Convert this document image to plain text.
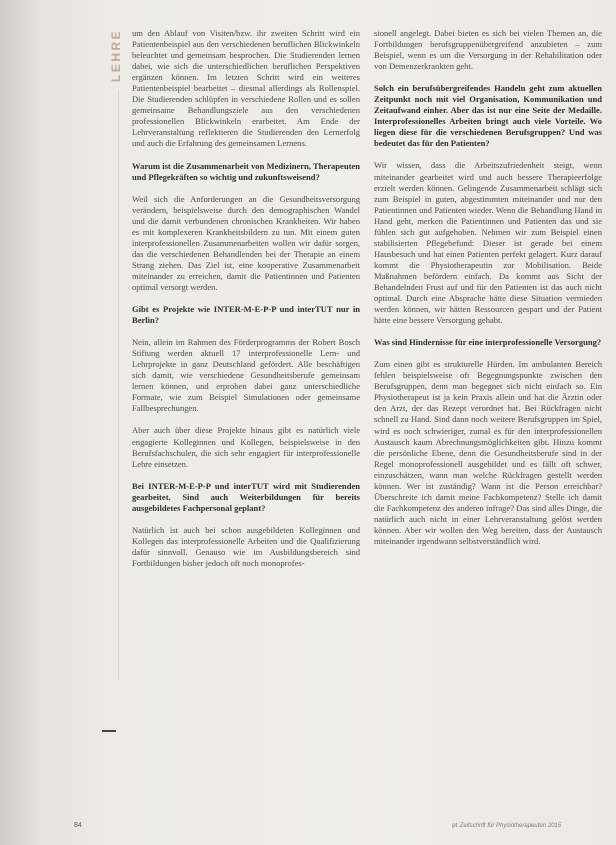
LEHRE um den Ablauf von Visiten/bzw. ihr zweiten Schritt wird ein Patientenbeispiel aus den verschiedenen beruflichen Blickwinkeln beleuchtet und gemeinsam besprochen. Die Studierenden lernen dabei, wie sich die unterschiedlichen beruflichen Perspektiven ergänzen können. Im letzten Schritt wird ein weiteres Patientenbeispiel bearbeitet – diesmal allerdings als Rollenspiel. Die Studierenden schlüpfen in verschiedene Rollen und es sollen gemeinsame Behandlungsziele aus den verschiedenen professionellen Blickwinkeln erarbeitet. Am Ende der Lehrveranstaltung reflektieren die Studierenden den Lernerfolg und auch die Erfahrung des gemeinsamen Lernens.

Warum ist die Zusammenarbeit von Medizinern, Therapeuten und Pflegekräften so wichtig und zukunftsweisend?

Weil sich die Anforderungen an die Gesundheitsversorgung verändern, beispielsweise durch den demographischen Wandel und die damit verbundenen chronischen Krankheiten. Wir haben es mit komplexeren Krankheitsbildern zu tun. Mit einem guten interprofessionellen Zusammenarbeiten wollen wir dafür sorgen, das die verschiedenen Behandlenden bei der Therapie an einem Strang ziehen. Das Ziel ist, eine kooperative Zusammenarbeit miteinander zu erreichen, damit die Patientinnen und Patienten optimal versorgt werden.

Gibt es Projekte wie INTER-M-E-P-P und interTUT nur in Berlin?

Nein, allein im Rahmen des Förderprogramms der Robert Bosch Stiftung werden aktuell 17 interprofessionelle Lern- und Lehrprojekte in ganz Deutschland gefördert. Alle beschäftigen sich damit, wie verschiedene Gesundheitsberufe gemeinsam lernen können, und erproben dabei ganz unterschiedliche Formate, wie zum Beispiel Simulationen oder gemeinsame Fallbesprechungen.

Aber auch über diese Projekte hinaus gibt es natürlich viele engagierte Kolleginnen und Kollegen, beispielsweise in den Berufsfachschulen, die sich sehr engagiert für interprofessionelle Lehre einsetzen.

Bei INTER-M-E-P-P und interTUT wird mit Studierenden gearbeitet. Sind auch Weiterbildungen für bereits ausgebildetes Fachpersonal geplant?

Natürlich ist auch bei schon ausgebildeten Kolleginnen und Kollegen das interprofessionelle Arbeiten und die Qualifizierung dafür sinnvoll. Genauso wie im Ausbildungsbereich sind Fortbildungen bisher jedoch oft noch monoprofes-

sionell angelegt. Dabei bieten es sich bei vielen Themen an, die Fortbildungen berufsgruppenübergreifend anzubieten – zum Beispiel, wenn es um die Versorgung in der Rehabilitation oder von Demenzerkrankten geht.

Solch ein berufsübergreifendes Handeln geht zum aktuellen Zeitpunkt noch mit viel Organisation, Kommunikation und Zeitaufwand einher. Aber das ist nur eine Seite der Medaille. Interprofessionelles Arbeiten bringt auch viele Vorteile. Wo liegen diese für die verschiedenen Berufsgruppen? Und was bedeutet das für den Patienten?

Wir wissen, dass die Arbeitszufriedenheit steigt, wenn miteinander gearbeitet wird und auch bessere Therapieerfolge erzielt werden können. Gelingende Zusammenarbeit schlägt sich zum Beispiel in guten, abgestimmten miteinander und nur den Patientinnen und Patienten wieder. Wenn die Behandlung Hand in Hand geht, merken die Patientinnen und Patienten das und sie fühlen sich gut aufgehoben. Nehmen wir zum Beispiel einen stabilisierten Pflegebefund: Dieser ist gerade bei einem Hausbesuch und hat einen Patienten perfekt gelagert. Kurz darauf kommt die Physiotherapeutin zur Mobilisation. Beide Maßnahmen befördern einfach. Da kommt aus Sicht der Behandelnden Frust auf und für den Patienten ist das auch nicht optimal. Durch eine Absprache hätte diese Situation vermieden werden können, wir hätten Ressourcen gespart und der Patient hätte eine bessere Versorgung gehabt.

Was sind Hindernisse für eine interprofessionelle Versorgung?

Zum einen gibt es strukturelle Hürden. Im ambulanten Bereich fehlen beispielsweise oft Begegnungspunkte zwischen den Berufsgruppen, denn man begegnet sich nicht einfach so. Ein Physiotherapeut ist ja kein Praxis allein und hat die Ärztin oder den Arzt, der das Rezept verordnet hat. Bei Rückfragen nicht schnell zu Hand. Sind dann noch weitere Berufsgruppen im Spiel, wird es noch schwieriger, zumal es für den interprofessionellen Austausch kaum Abrechnungsmöglichkeiten gibt. Hinzu kommt die persönliche Ebene, denn die Gesundheitsberufe sind in der Regel monoprofessionell ausgebildet und es fällt oft schwer, einzuschätzen, wann man welche Rückfragen gestellt werden können. Wer ist zuständig? Wann ist die Person erreichbar? Überschreite ich damit meine Fachkompetenz? Stelle ich damit die Fachkompetenz des anderen infrage? Das sind alles Dinge, die natürlich auch nicht in einer Lehrveranstaltung gelöst werden können. Aber wir wollen den Weg bereiten, dass der Austausch miteinander irgendwann selbstverständlich wird.

84	pt Zeitschrift für Physiotherapeuten 2015
